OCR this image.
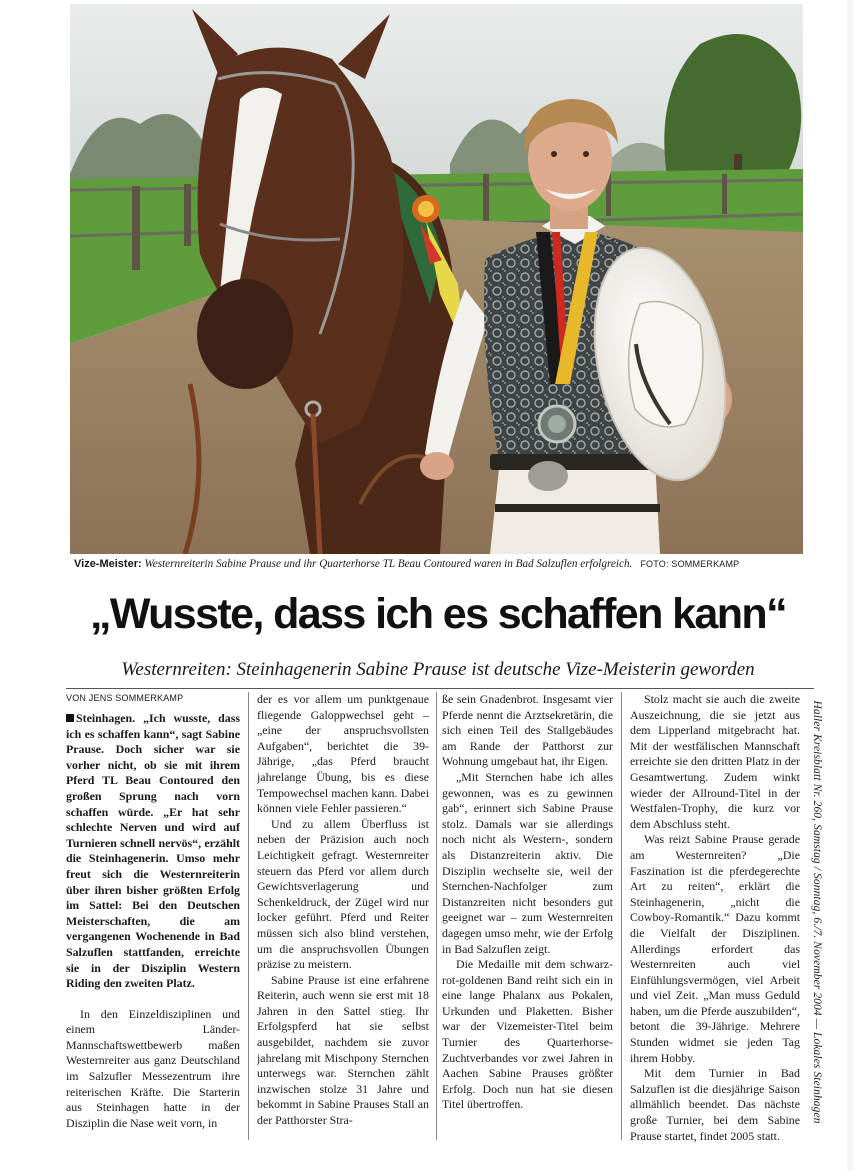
Vize-Meister: Westernreiterin Sabine Prause und ihr Quarterhorse TL Beau Contoured waren in Bad Salzuflen erfolgreich. FOTO: SOMMERKAMP
„Wusste, dass ich es schaffen kann“
Westernreiten: Steinhagenerin Sabine Prause ist deutsche Vize-Meisterin geworden
VON JENS SOMMERKAMP

Steinhagen. „Ich wusste, dass ich es schaffen kann“, sagt Sabine Prause. Doch sicher war sie vorher nicht, ob sie mit ihrem Pferd TL Beau Contoured den großen Sprung nach vorn schaffen würde. „Er hat sehr schlechte Nerven und wird auf Turnieren schnell nervös“, erzählt die Steinhagenerin. Umso mehr freut sich die Westernreiterin über ihren bisher größten Erfolg im Sattel: Bei den Deutschen Meisterschaften, die am vergangenen Wochenende in Bad Salzuflen stattfanden, erreichte sie in der Disziplin Western Riding den zweiten Platz.

In den Einzeldisziplinen und einem Länder-Mannschaftswettbewerb maßen Westernreiter aus ganz Deutschland im Salzufler Messezentrum ihre reiterischen Kräfte. Die Starterin aus Steinhagen hatte in der Disziplin die Nase weit vorn, in

der es vor allem um punktgenaue fliegende Galoppwechsel geht – „eine der anspruchsvollsten Aufgaben“, berichtet die 39-Jährige, „das Pferd braucht jahrelange Übung, bis es diese Tempowechsel machen kann. Dabei können viele Fehler passieren.“

Und zu allem Überfluss ist neben der Präzision auch noch Leichtigkeit gefragt. Westernreiter steuern das Pferd vor allem durch Gewichtsverlagerung und Schenkeldruck, der Zügel wird nur locker geführt. Pferd und Reiter müssen sich also blind verstehen, um die anspruchsvollen Übungen präzise zu meistern.

Sabine Prause ist eine erfahrene Reiterin, auch wenn sie erst mit 18 Jahren in den Sattel stieg. Ihr Erfolgspferd hat sie selbst ausgebildet, nachdem sie zuvor jahrelang mit Mischpony Sternchen unterwegs war. Sternchen zählt inzwischen stolze 31 Jahre und bekommt in Sabine Prauses Stall an der Patthorster Stra-

ße sein Gnadenbrot. Insgesamt vier Pferde nennt die Arztsekretärin, die sich einen Teil des Stallgebäudes am Rande der Patthorst zur Wohnung umgebaut hat, ihr Eigen.

„Mit Sternchen habe ich alles gewonnen, was es zu gewinnen gab“, erinnert sich Sabine Prause stolz. Damals war sie allerdings noch nicht als Western-, sondern als Distanzreiterin aktiv. Die Disziplin wechselte sie, weil der Sternchen-Nachfolger zum Distanzreiten nicht besonders gut geeignet war – zum Westernreiten dagegen umso mehr, wie der Erfolg in Bad Salzuflen zeigt.

Die Medaille mit dem schwarz-rot-goldenen Band reiht sich ein in eine lange Phalanx aus Pokalen, Urkunden und Plaketten. Bisher war der Vizemeister-Titel beim Turnier des Quarterhorse-Zuchtverbandes vor zwei Jahren in Aachen Sabine Prauses größter Erfolg. Doch nun hat sie diesen Titel übertroffen.

Stolz macht sie auch die zweite Auszeichnung, die sie jetzt aus dem Lipperland mitgebracht hat. Mit der westfälischen Mannschaft erreichte sie den dritten Platz in der Gesamtwertung. Zudem winkt wieder der Allround-Titel in der Westfalen-Trophy, die kurz vor dem Abschluss steht.

Was reizt Sabine Prause gerade am Westernreiten? „Die Faszination ist die pferdegerechte Art zu reiten“, erklärt die Steinhagenerin, „nicht die Cowboy-Romantik.“ Dazu kommt die Vielfalt der Disziplinen. Allerdings erfordert das Westernreiten auch viel Einfühlungsvermögen, viel Arbeit und viel Zeit. „Man muss Geduld haben, um die Pferde auszubilden“, betont die 39-Jährige. Mehrere Stunden widmet sie jeden Tag ihrem Hobby.

Mit dem Turnier in Bad Salzuflen ist die diesjährige Saison allmählich beendet. Das nächste große Turnier, bei dem Sabine Prause startet, findet 2005 statt.

Haller Kreisblatt Nr. 260, Samstag / Sonntag, 6./7. November 2004 — Lokales Steinhagen
